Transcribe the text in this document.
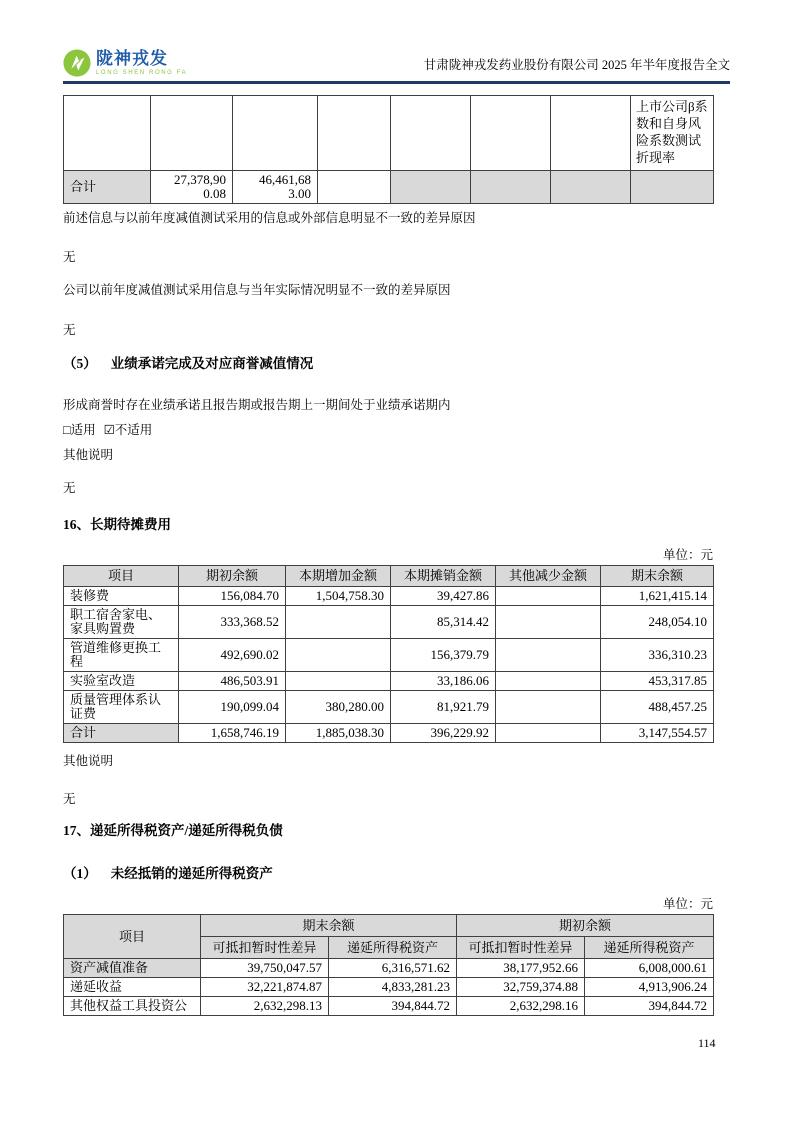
陇神戎发
LONG SHEN RONG FA
甘肃陇神戎发药业股份有限公司 2025 年半年度报告全文
							上市公司β系数和自身风险系数测试折现率
合计	27,378,900.08	46,461,683.00					

前述信息与以前年度减值测试采用的信息或外部信息明显不一致的差异原因

无

公司以前年度减值测试采用信息与当年实际情况明显不一致的差异原因

无

（5） 业绩承诺完成及对应商誉减值情况

形成商誉时存在业绩承诺且报告期或报告期上一期间处于业绩承诺期内

□适用 ☑不适用

其他说明

无

16、长期待摊费用

单位：元
项目	期初余额	本期增加金额	本期摊销金额	其他减少金额	期末余额
装修费	156,084.70	1,504,758.30	39,427.86		1,621,415.14
职工宿舍家电、家具购置费	333,368.52		85,314.42		248,054.10
管道维修更换工程	492,690.02		156,379.79		336,310.23
实验室改造	486,503.91		33,186.06		453,317.85
质量管理体系认证费	190,099.04	380,280.00	81,921.79		488,457.25
合计	1,658,746.19	1,885,038.30	396,229.92		3,147,554.57

其他说明

无

17、递延所得税资产/递延所得税负债

（1） 未经抵销的递延所得税资产

单位：元
项目	期末余额		期初余额	
	可抵扣暂时性差异	递延所得税资产	可抵扣暂时性差异	递延所得税资产
资产减值准备	39,750,047.57	6,316,571.62	38,177,952.66	6,008,000.61
递延收益	32,221,874.87	4,833,281.23	32,759,374.88	4,913,906.24
其他权益工具投资公	2,632,298.13	394,844.72	2,632,298.16	394,844.72
114
